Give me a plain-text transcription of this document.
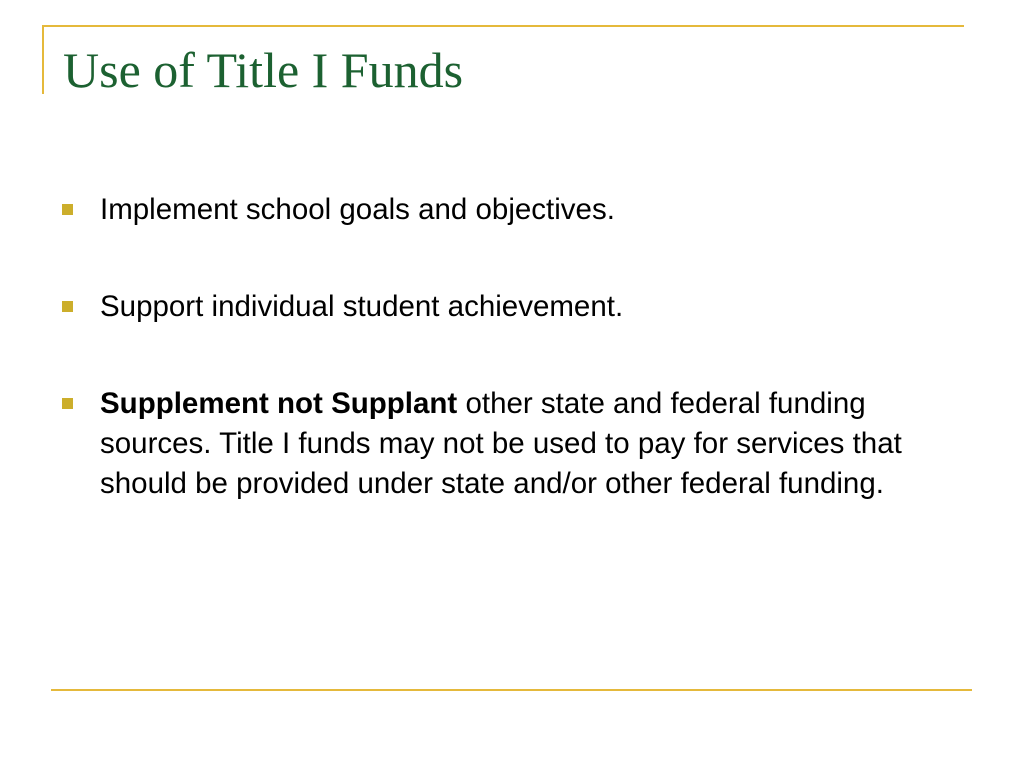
Use of Title I Funds
Implement school goals and objectives.
Support individual student achievement.
Supplement not Supplant other state and federal funding sources. Title I funds may not be used to pay for services that should be provided under state and/or other federal funding.
